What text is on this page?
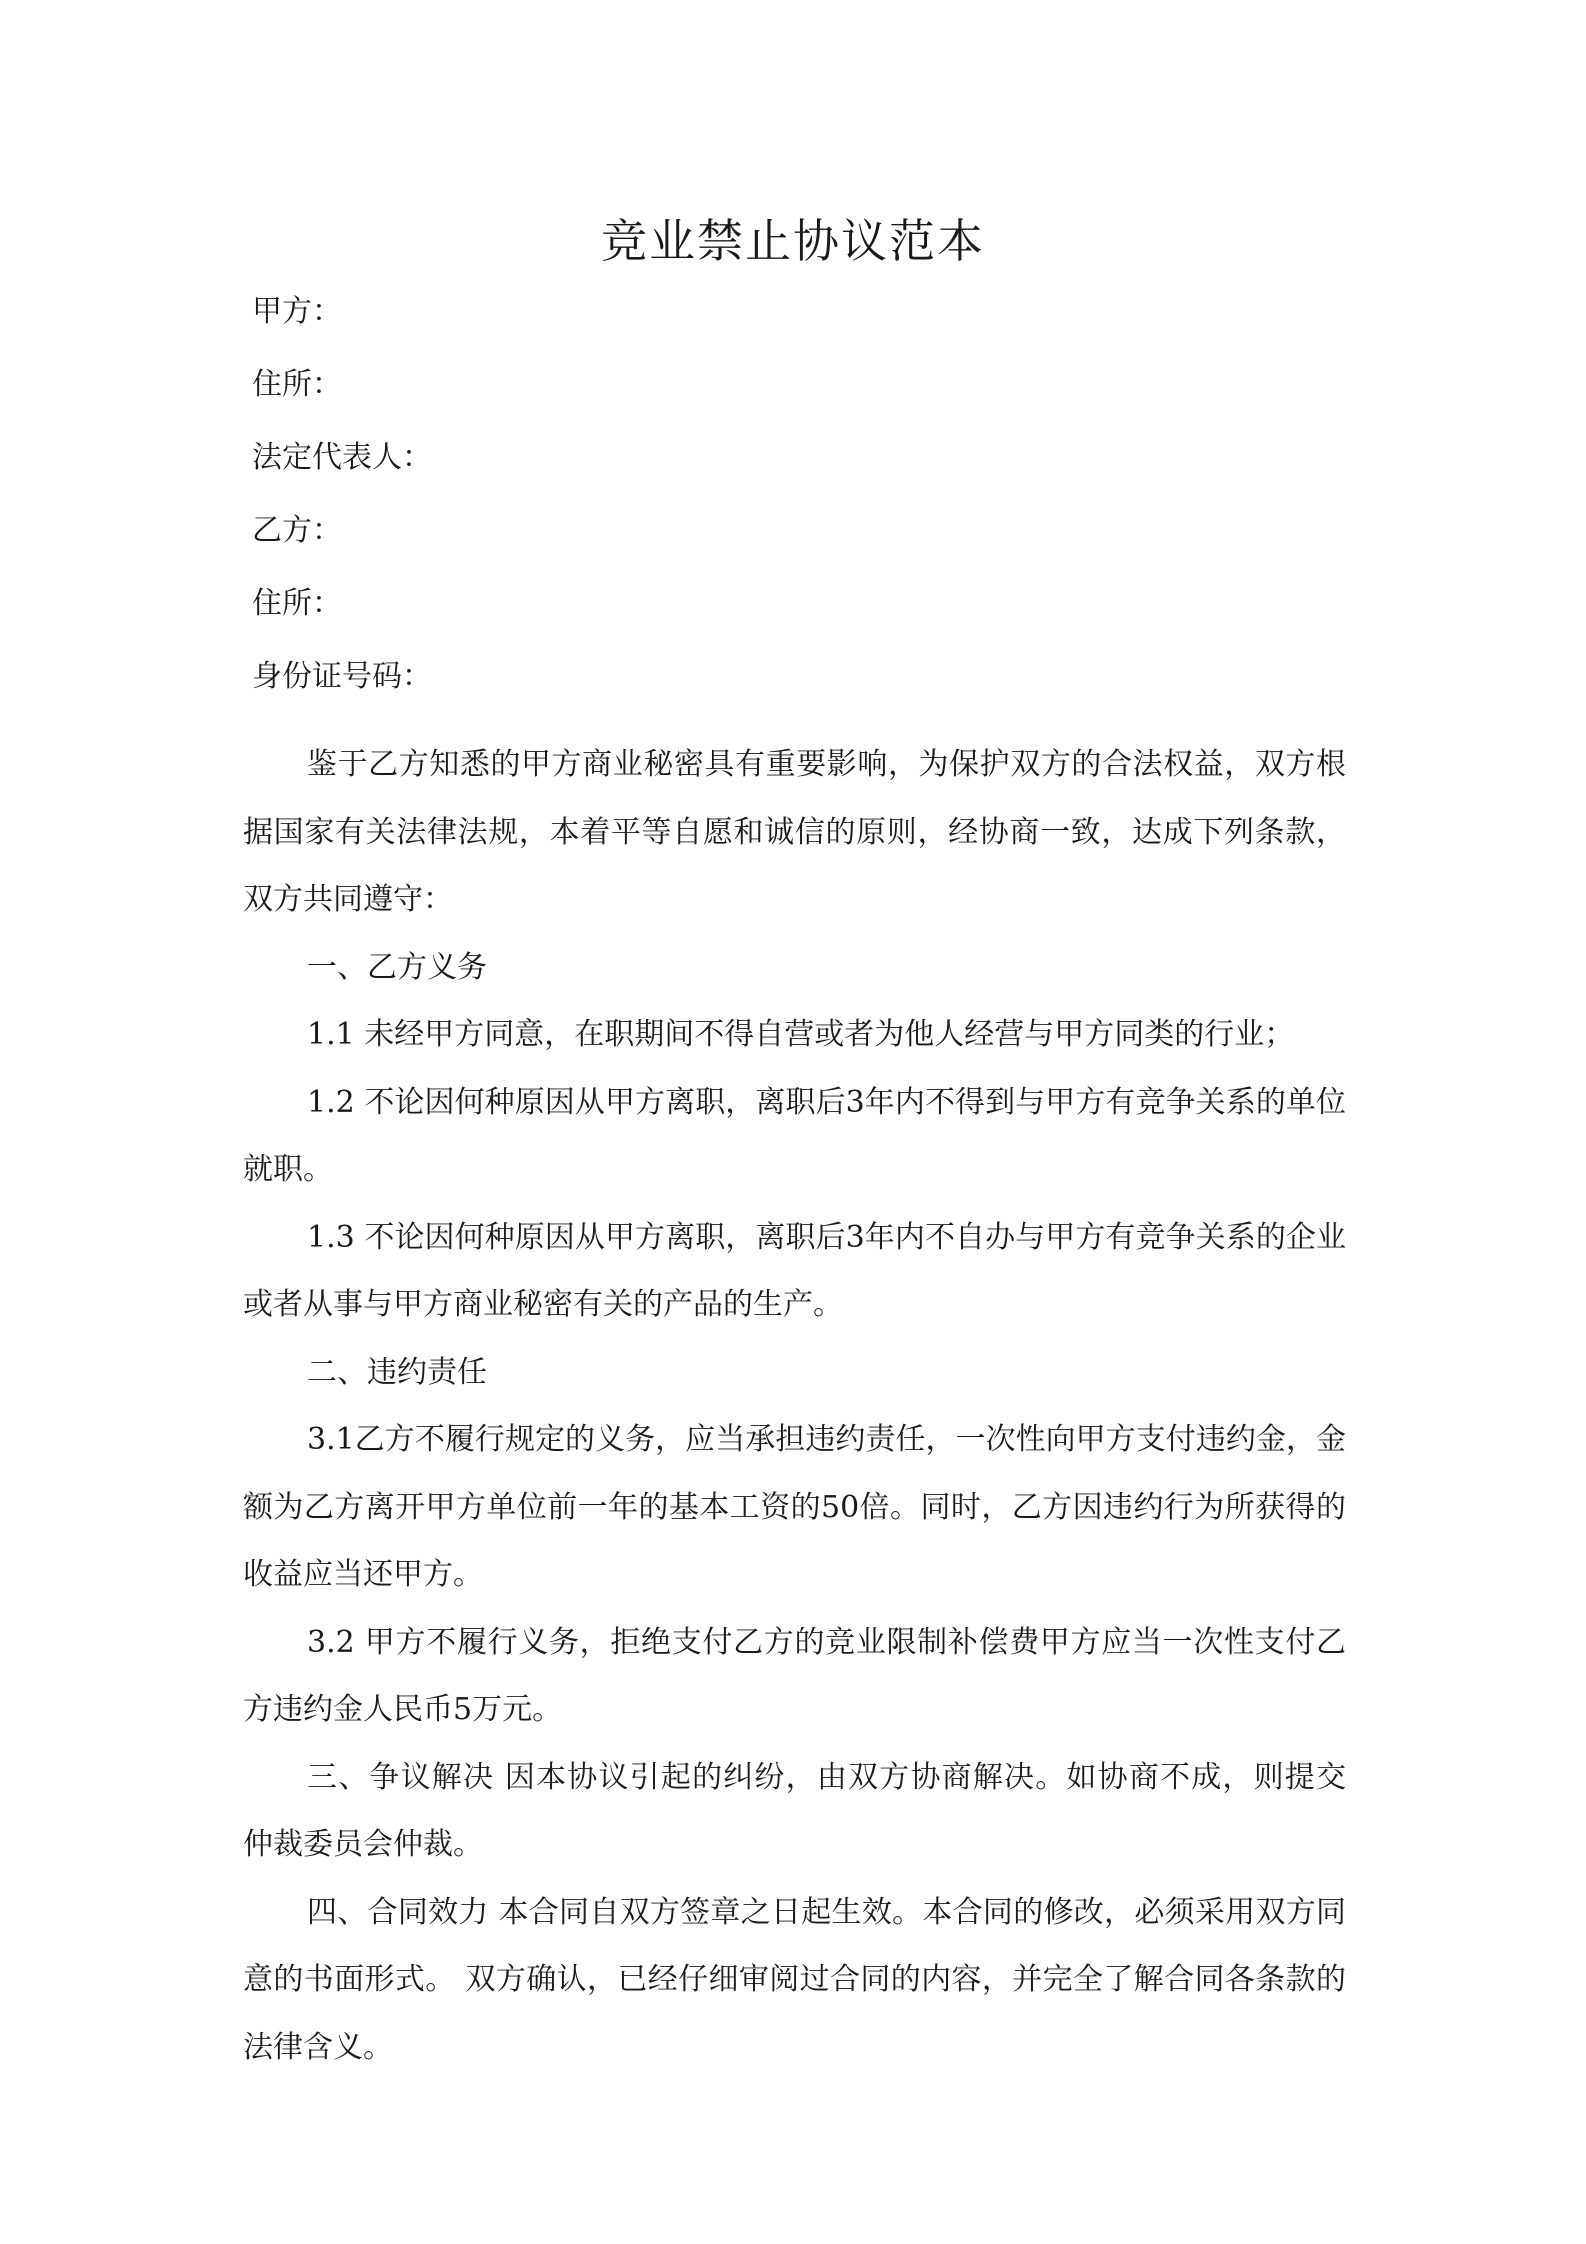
竞业禁止协议范本
甲方：
住所：
法定代表人：
乙方：
住所：
身份证号码：

鉴于乙方知悉的甲方商业秘密具有重要影响，为保护双方的合法权益，双方根据国家有关法律法规，本着平等自愿和诚信的原则，经协商一致，达成下列条款，双方共同遵守：

一、乙方义务

1.1 未经甲方同意，在职期间不得自营或者为他人经营与甲方同类的行业；

1.2 不论因何种原因从甲方离职，离职后3年内不得到与甲方有竞争关系的单位就职。

1.3 不论因何种原因从甲方离职，离职后3年内不自办与甲方有竞争关系的企业或者从事与甲方商业秘密有关的产品的生产。

二、违约责任

3.1乙方不履行规定的义务，应当承担违约责任，一次性向甲方支付违约金，金额为乙方离开甲方单位前一年的基本工资的50倍。同时，乙方因违约行为所获得的收益应当还甲方。

3.2 甲方不履行义务，拒绝支付乙方的竞业限制补偿费甲方应当一次性支付乙方违约金人民币5万元。

三、争议解决 因本协议引起的纠纷，由双方协商解决。如协商不成，则提交 仲裁委员会仲裁。

四、合同效力 本合同自双方签章之日起生效。本合同的修改，必须采用双方同意的书面形式。 双方确认，已经仔细审阅过合同的内容，并完全了解合同各条款的法律含义。
